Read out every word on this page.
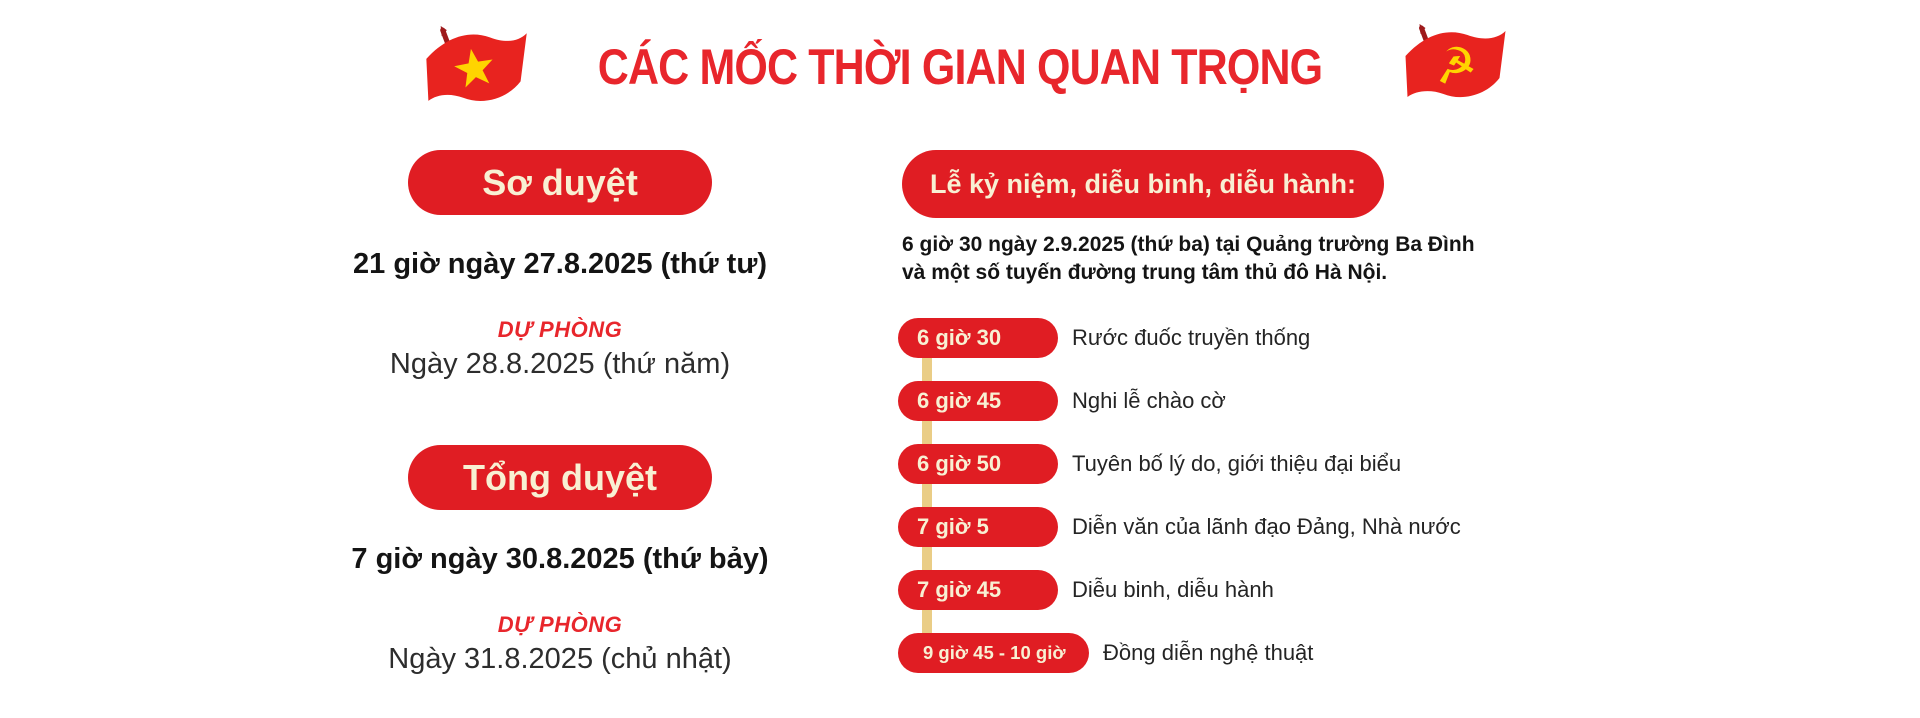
CÁC MỐC THỜI GIAN QUAN TRỌNG ☭
Sơ duyệt
21 giờ ngày 27.8.2025 (thứ tư)
DỰ PHÒNG
Ngày 28.8.2025 (thứ năm)
Tổng duyệt
7 giờ ngày 30.8.2025 (thứ bảy)
DỰ PHÒNG
Ngày 31.8.2025 (chủ nhật)
Lễ kỷ niệm, diễu binh, diễu hành:
6 giờ 30 ngày 2.9.2025 (thứ ba) tại Quảng trường Ba Đình
và một số tuyến đường trung tâm thủ đô Hà Nội.
6 giờ 30	Rước đuốc truyền thống
6 giờ 45	Nghi lễ chào cờ
6 giờ 50	Tuyên bố lý do, giới thiệu đại biểu
7 giờ 5	Diễn văn của lãnh đạo Đảng, Nhà nước
7 giờ 45	Diễu binh, diễu hành
9 giờ 45 - 10 giờ	Đồng diễn nghệ thuật
